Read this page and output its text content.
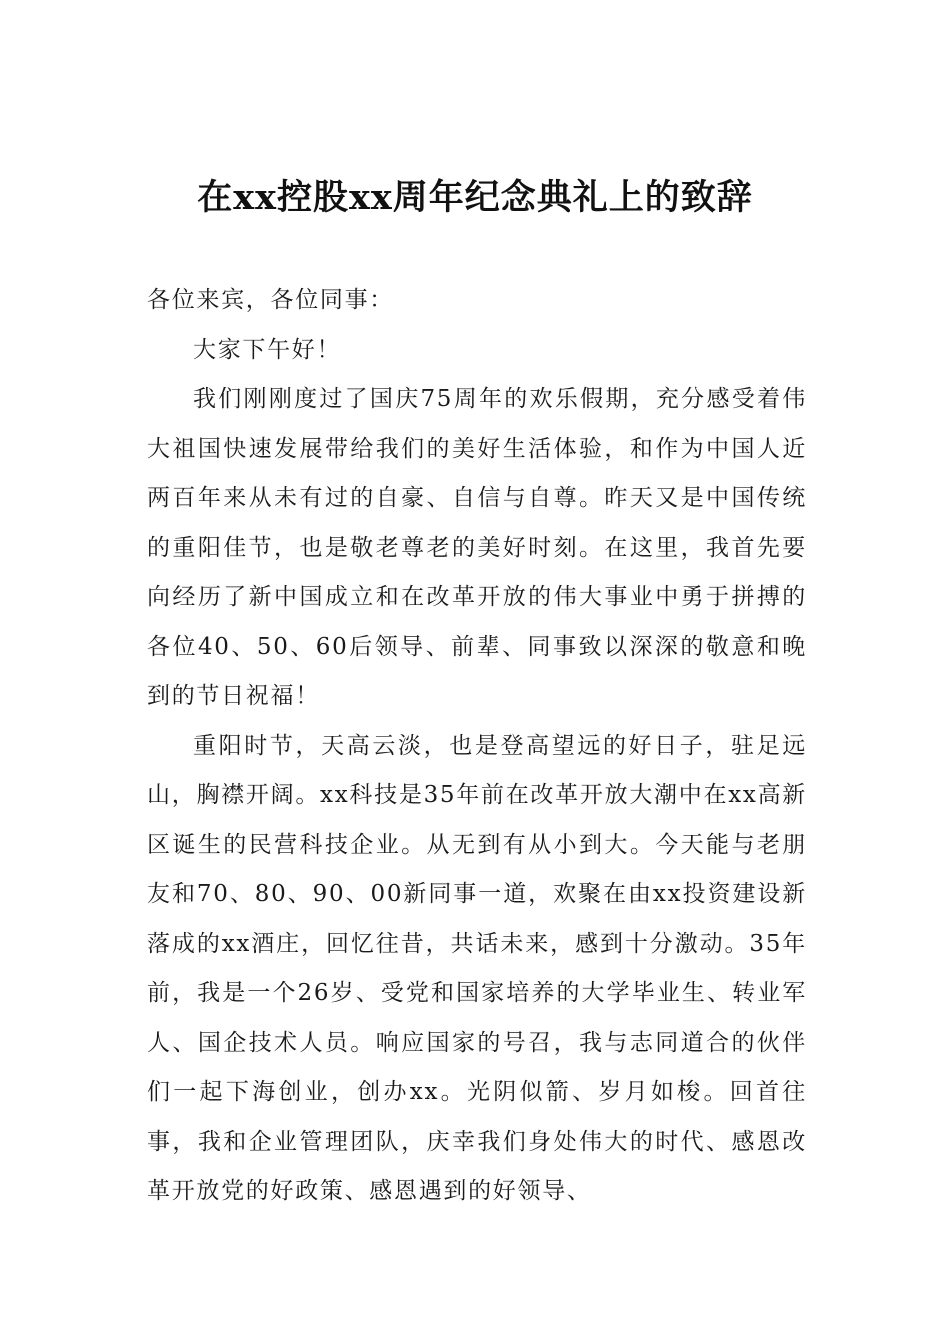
在xx控股xx周年纪念典礼上的致辞

各位来宾，各位同事：

大家下午好！

我们刚刚度过了国庆75周年的欢乐假期，充分感受着伟大祖国快速发展带给我们的美好生活体验，和作为中国人近两百年来从未有过的自豪、自信与自尊。昨天又是中国传统的重阳佳节，也是敬老尊老的美好时刻。在这里，我首先要向经历了新中国成立和在改革开放的伟大事业中勇于拼搏的各位40、50、60后领导、前辈、同事致以深深的敬意和晚到的节日祝福！

重阳时节，天高云淡，也是登高望远的好日子，驻足远山，胸襟开阔。xx科技是35年前在改革开放大潮中在xx高新区诞生的民营科技企业。从无到有从小到大。今天能与老朋友和70、80、90、00新同事一道，欢聚在由xx投资建设新落成的xx酒庄，回忆往昔，共话未来，感到十分激动。35年前，我是一个26岁、受党和国家培养的大学毕业生、转业军人、国企技术人员。响应国家的号召，我与志同道合的伙伴们一起下海创业，创办xx。光阴似箭、岁月如梭。回首往事，我和企业管理团队，庆幸我们身处伟大的时代、感恩改革开放党的好政策、感恩遇到的好领导、
